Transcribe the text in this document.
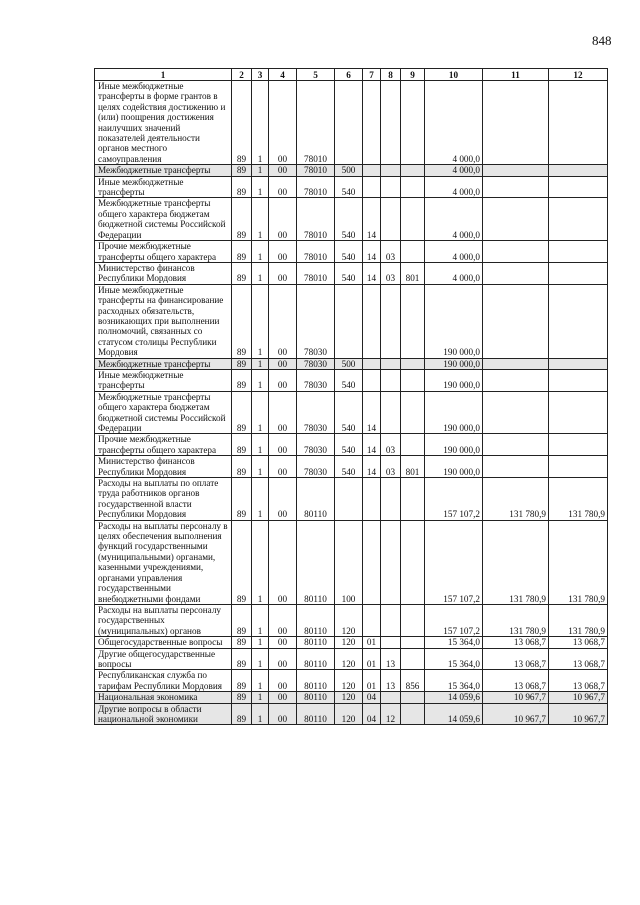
848
1	2	3	4	5	6	7	8	9	10	11	12
Иные межбюджетные трансферты в форме грантов в целях содействия достижению и (или) поощрения достижения наилучших значений показателей деятельности органов местного самоуправления	89	1	00	78010					4 000,0		
Межбюджетные трансферты	89	1	00	78010	500				4 000,0		
Иные межбюджетные трансферты	89	1	00	78010	540				4 000,0		
Межбюджетные трансферты общего характера бюджетам бюджетной системы Российской Федерации	89	1	00	78010	540	14			4 000,0		
Прочие межбюджетные трансферты общего характера	89	1	00	78010	540	14	03		4 000,0		
Министерство финансов Республики Мордовия	89	1	00	78010	540	14	03	801	4 000,0		
Иные межбюджетные трансферты на финансирование расходных обязательств, возникающих при выполнении полномочий, связанных со статусом столицы Республики Мордовия	89	1	00	78030					190 000,0		
Межбюджетные трансферты	89	1	00	78030	500				190 000,0		
Иные межбюджетные трансферты	89	1	00	78030	540				190 000,0		
Межбюджетные трансферты общего характера бюджетам бюджетной системы Российской Федерации	89	1	00	78030	540	14			190 000,0		
Прочие межбюджетные трансферты общего характера	89	1	00	78030	540	14	03		190 000,0		
Министерство финансов Республики Мордовия	89	1	00	78030	540	14	03	801	190 000,0		
Расходы на выплаты по оплате труда работников органов государственной власти Республики Мордовия	89	1	00	80110					157 107,2	131 780,9	131 780,9
Расходы на выплаты персоналу в целях обеспечения выполнения функций государственными (муниципальными) органами, казенными учреждениями, органами управления государственными внебюджетными фондами	89	1	00	80110	100				157 107,2	131 780,9	131 780,9
Расходы на выплаты персоналу государственных (муниципальных) органов	89	1	00	80110	120				157 107,2	131 780,9	131 780,9
Общегосударственные вопросы	89	1	00	80110	120	01			15 364,0	13 068,7	13 068,7
Другие общегосударственные вопросы	89	1	00	80110	120	01	13		15 364,0	13 068,7	13 068,7
Республиканская служба по тарифам Республики Мордовия	89	1	00	80110	120	01	13	856	15 364,0	13 068,7	13 068,7
Национальная экономика	89	1	00	80110	120	04			14 059,6	10 967,7	10 967,7
Другие вопросы в области национальной экономики	89	1	00	80110	120	04	12		14 059,6	10 967,7	10 967,7
